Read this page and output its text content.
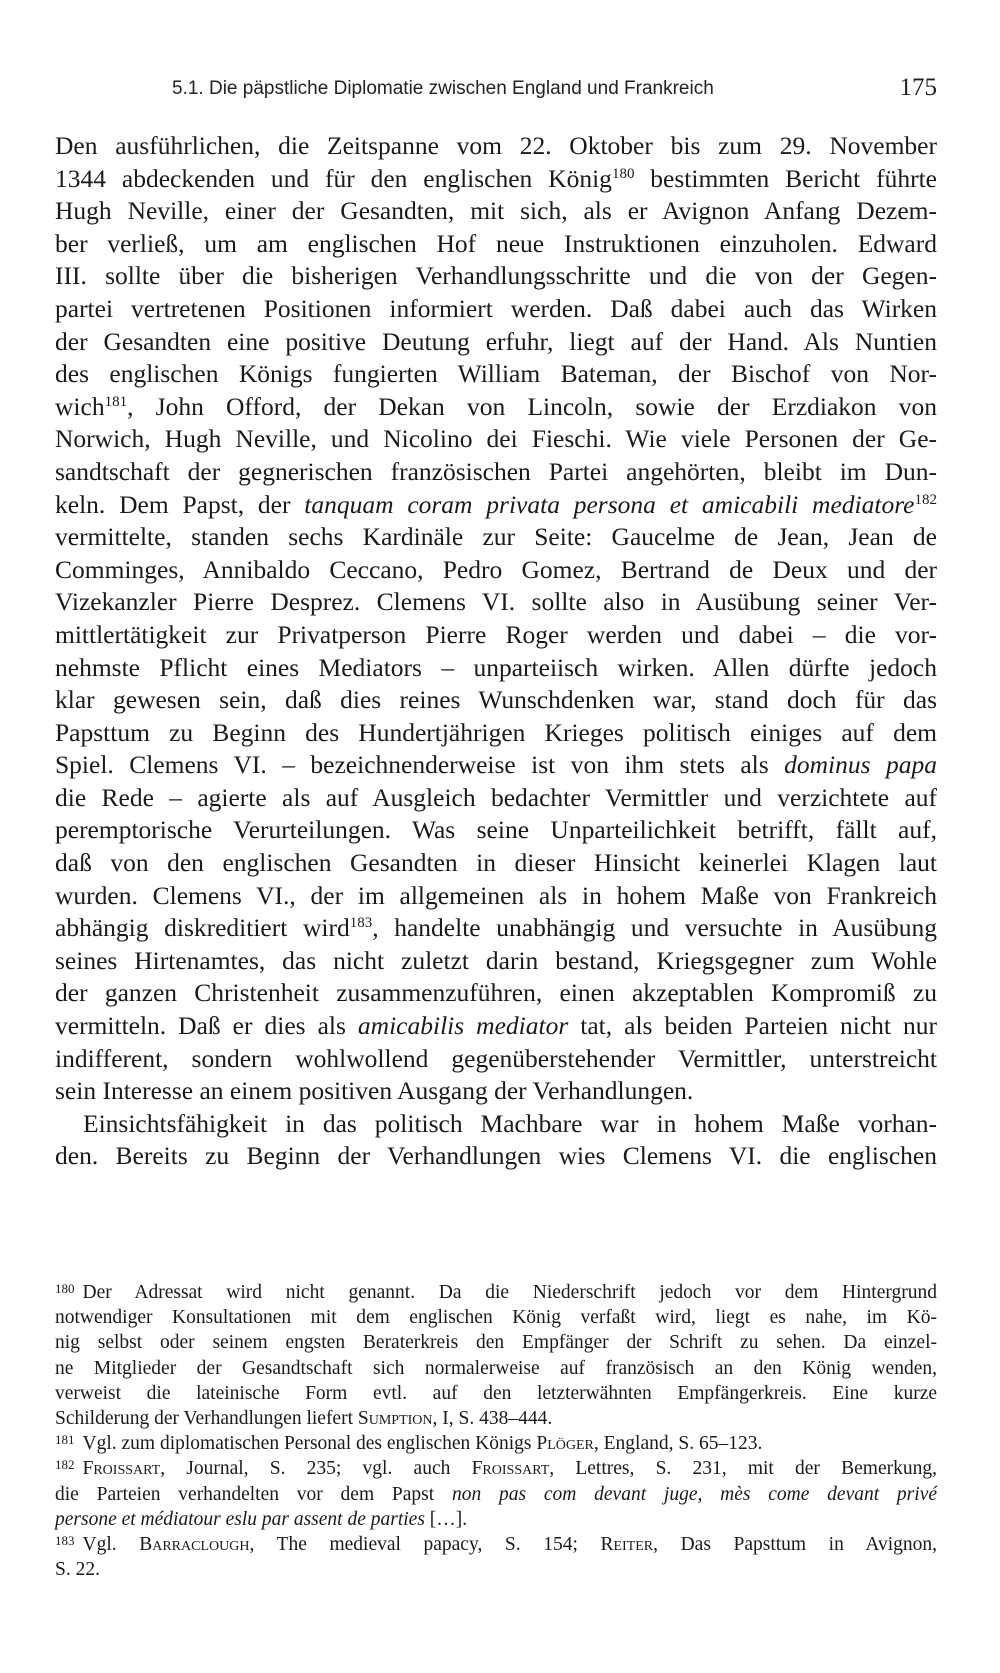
5.1. Die päpstliche Diplomatie zwischen England und Frankreich	175
Den ausführlichen, die Zeitspanne vom 22. Oktober bis zum 29. November
1344 abdeckenden und für den englischen König$^{180}$ bestimmten Bericht führte
Hugh Neville, einer der Gesandten, mit sich, als er Avignon Anfang Dezem-
ber verließ, um am englischen Hof neue Instruktionen einzuholen. Edward
III. sollte über die bisherigen Verhandlungsschritte und die von der Gegen-
partei vertretenen Positionen informiert werden. Daß dabei auch das Wirken
der Gesandten eine positive Deutung erfuhr, liegt auf der Hand. Als Nuntien
des englischen Königs fungierten William Bateman, der Bischof von Nor-
wich$^{181}$, John Offord, der Dekan von Lincoln, sowie der Erzdiakon von
Norwich, Hugh Neville, und Nicolino dei Fieschi. Wie viele Personen der Ge-
sandtschaft der gegnerischen französischen Partei angehörten, bleibt im Dun-
keln. Dem Papst, der tanquam coram privata persona et amicabili mediatore$^{182}$
vermittelte, standen sechs Kardinäle zur Seite: Gaucelme de Jean, Jean de
Comminges, Annibaldo Ceccano, Pedro Gomez, Bertrand de Deux und der
Vizekanzler Pierre Desprez. Clemens VI. sollte also in Ausübung seiner Ver-
mittlertätigkeit zur Privatperson Pierre Roger werden und dabei – die vor-
nehmste Pflicht eines Mediators – unparteiisch wirken. Allen dürfte jedoch
klar gewesen sein, daß dies reines Wunschdenken war, stand doch für das
Papsttum zu Beginn des Hundertjährigen Krieges politisch einiges auf dem
Spiel. Clemens VI. – bezeichnenderweise ist von ihm stets als dominus papa
die Rede – agierte als auf Ausgleich bedachter Vermittler und verzichtete auf
peremptorische Verurteilungen. Was seine Unparteilichkeit betrifft, fällt auf,
daß von den englischen Gesandten in dieser Hinsicht keinerlei Klagen laut
wurden. Clemens VI., der im allgemeinen als in hohem Maße von Frankreich
abhängig diskreditiert wird$^{183}$, handelte unabhängig und versuchte in Ausübung
seines Hirtenamtes, das nicht zuletzt darin bestand, Kriegsgegner zum Wohle
der ganzen Christenheit zusammenzuführen, einen akzeptablen Kompromiß zu
vermitteln. Daß er dies als amicabilis mediator tat, als beiden Parteien nicht nur
indifferent, sondern wohlwollend gegenüberstehender Vermittler, unterstreicht
sein Interesse an einem positiven Ausgang der Verhandlungen.
Einsichtsfähigkeit in das politisch Machbare war in hohem Maße vorhan-
den. Bereits zu Beginn der Verhandlungen wies Clemens VI. die englischen
$^{180}$ Der Adressat wird nicht genannt. Da die Niederschrift jedoch vor dem Hintergrund
notwendiger Konsultationen mit dem englischen König verfaßt wird, liegt es nahe, im Kö-
nig selbst oder seinem engsten Beraterkreis den Empfänger der Schrift zu sehen. Da einzel-
ne Mitglieder der Gesandtschaft sich normalerweise auf französisch an den König wenden,
verweist die lateinische Form evtl. auf den letzterwähnten Empfängerkreis. Eine kurze
Schilderung der Verhandlungen liefert Sumption, I, S. 438–444.
$^{181}$ Vgl. zum diplomatischen Personal des englischen Königs Plöger, England, S. 65–123.
$^{182}$ Froissart, Journal, S. 235; vgl. auch Froissart, Lettres, S. 231, mit der Bemerkung,
die Parteien verhandelten vor dem Papst non pas com devant juge, mès come devant privé
persone et médiatour eslu par assent de parties […].
$^{183}$ Vgl. Barraclough, The medieval papacy, S. 154; Reiter, Das Papsttum in Avignon,
S. 22.
